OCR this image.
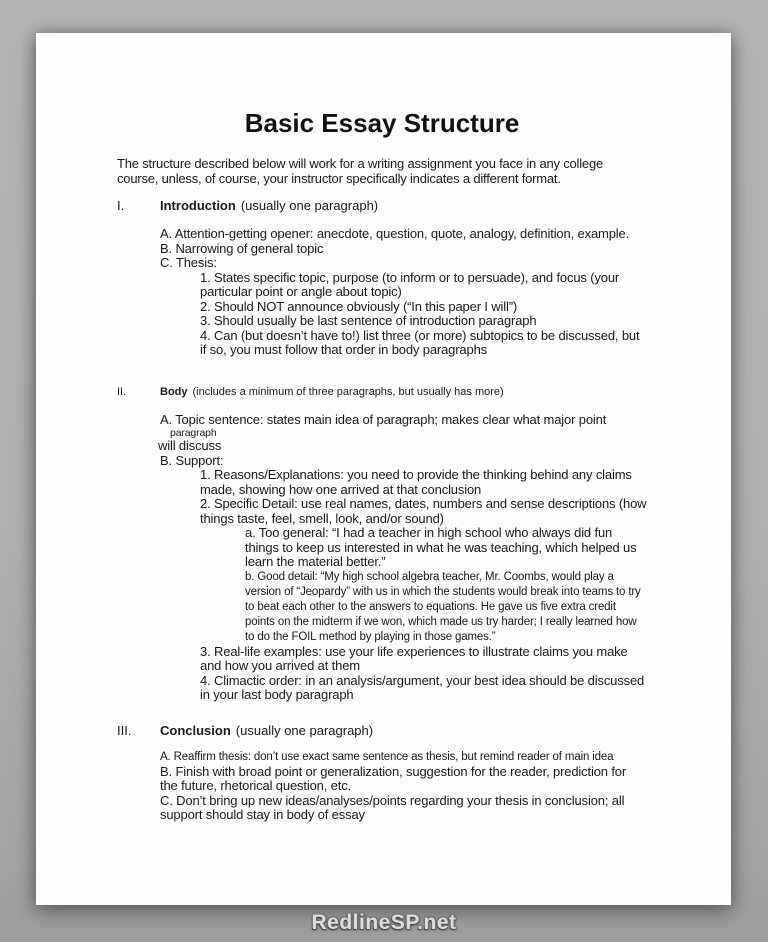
Basic Essay Structure

The structure described below will work for a writing assignment you face in any college course, unless, of course, your instructor specifically indicates a different format.

I.	Introduction (usually one paragraph)

A. Attention-getting opener: anecdote, question, quote, analogy, definition, example.

B. Narrowing of general topic

C. Thesis:

1. States specific topic, purpose (to inform or to persuade), and focus (your particular point or angle about topic)

2. Should NOT announce obviously (“In this paper I will”)

3. Should usually be last sentence of introduction paragraph

4. Can (but doesn’t have to!) list three (or more) subtopics to be discussed, but if so, you must follow that order in body paragraphs

II.	Body (includes a minimum of three paragraphs, but usually has more)

A. Topic sentence: states main idea of paragraph; makes clear what major point

paragraph

will discuss

B. Support:

1. Reasons/Explanations: you need to provide the thinking behind any claims made, showing how one arrived at that conclusion

2. Specific Detail: use real names, dates, numbers and sense descriptions (how things taste, feel, smell, look, and/or sound)

a. Too general: “I had a teacher in high school who always did fun things to keep us interested in what he was teaching, which helped us learn the material better.”

b. Good detail: “My high school algebra teacher, Mr. Coombs, would play a version of “Jeopardy” with us in which the students would break into teams to try to beat each other to the answers to equations. He gave us five extra credit points on the midterm if we won, which made us try harder; I really learned how to do the FOIL method by playing in those games.”

3. Real-life examples: use your life experiences to illustrate claims you make and how you arrived at them

4. Climactic order: in an analysis/argument, your best idea should be discussed in your last body paragraph

III.	Conclusion (usually one paragraph)

A. Reaffirm thesis: don’t use exact same sentence as thesis, but remind reader of main idea

B. Finish with broad point or generalization, suggestion for the reader, prediction for the future, rhetorical question, etc.

C. Don’t bring up new ideas/analyses/points regarding your thesis in conclusion; all support should stay in body of essay

RedlineSP.net
